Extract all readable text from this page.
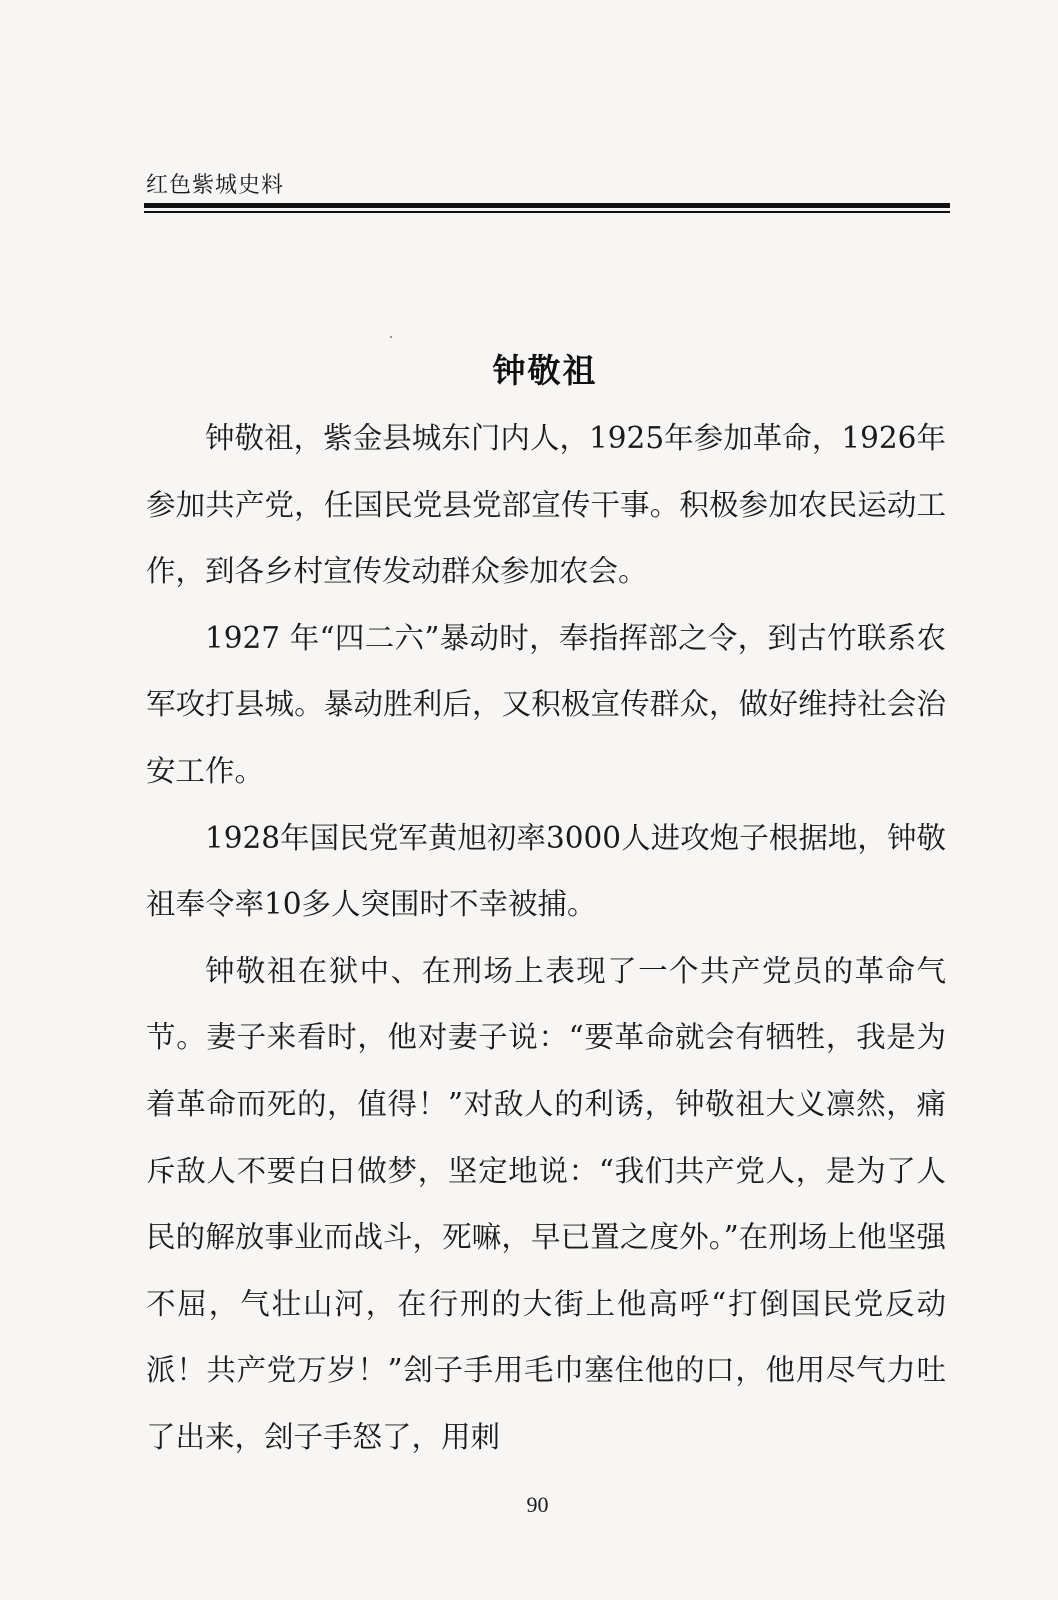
红色紫城史料
钟敬祖

钟敬祖，紫金县城东门内人，1925年参加革命，1926年参加共产党，任国民党县党部宣传干事。积极参加农民运动工作，到各乡村宣传发动群众参加农会。

1927 年“四二六”暴动时，奉指挥部之令，到古竹联系农军攻打县城。暴动胜利后，又积极宣传群众，做好维持社会治安工作。

1928年国民党军黄旭初率3000人进攻炮子根据地，钟敬祖奉令率10多人突围时不幸被捕。

钟敬祖在狱中、在刑场上表现了一个共产党员的革命气节。妻子来看时，他对妻子说：“要革命就会有牺牲，我是为着革命而死的，值得！”对敌人的利诱，钟敬祖大义凛然，痛斥敌人不要白日做梦，坚定地说：“我们共产党人，是为了人民的解放事业而战斗，死嘛，早已置之度外。”在刑场上他坚强不屈，气壮山河，在行刑的大街上他高呼“打倒国民党反动派！共产党万岁！”刽子手用毛巾塞住他的口，他用尽气力吐了出来，刽子手怒了，用刺

90
